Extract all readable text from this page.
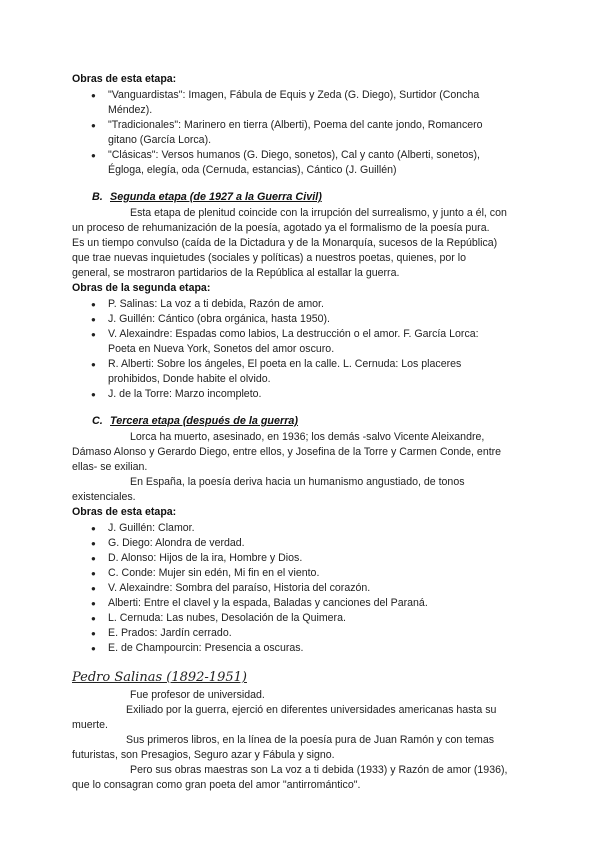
Obras de esta etapa:
● "Vanguardistas": Imagen, Fábula de Equis y Zeda (G. Diego), Surtidor (Concha
Méndez).
● "Tradicionales": Marinero en tierra (Alberti), Poema del cante jondo, Romancero
gitano (García Lorca).
● "Clásicas": Versos humanos (G. Diego, sonetos), Cal y canto (Alberti, sonetos),
Égloga, elegía, oda (Cernuda, estancias), Cántico (J. Guillén)
B. Segunda etapa (de 1927 a la Guerra Civil)
Esta etapa de plenitud coincide con la irrupción del surrealismo, y junto a él, con
un proceso de rehumanización de la poesía, agotado ya el formalismo de la poesía pura.
Es un tiempo convulso (caída de la Dictadura y de la Monarquía, sucesos de la República)
que trae nuevas inquietudes (sociales y políticas) a nuestros poetas, quienes, por lo
general, se mostraron partidarios de la República al estallar la guerra.
Obras de la segunda etapa:
● P. Salinas: La voz a ti debida, Razón de amor.
● J. Guillén: Cántico (obra orgánica, hasta 1950).
● V. Alexaindre: Espadas como labios, La destrucción o el amor. F. García Lorca:
Poeta en Nueva York, Sonetos del amor oscuro.
● R. Alberti: Sobre los ángeles, El poeta en la calle. L. Cernuda: Los placeres
prohibidos, Donde habite el olvido.
● J. de la Torre: Marzo incompleto.
C. Tercera etapa (después de la guerra)
Lorca ha muerto, asesinado, en 1936; los demás -salvo Vicente Aleixandre,
Dámaso Alonso y Gerardo Diego, entre ellos, y Josefina de la Torre y Carmen Conde, entre
ellas- se exilian.
En España, la poesía deriva hacia un humanismo angustiado, de tonos
existenciales.
Obras de esta etapa:
● J. Guillén: Clamor.
● G. Diego: Alondra de verdad.
● D. Alonso: Hijos de la ira, Hombre y Dios.
● C. Conde: Mujer sin edén, Mi fin en el viento.
● V. Alexaindre: Sombra del paraíso, Historia del corazón.
● Alberti: Entre el clavel y la espada, Baladas y canciones del Paraná.
● L. Cernuda: Las nubes, Desolación de la Quimera.
● E. Prados: Jardín cerrado.
● E. de Champourcin: Presencia a oscuras.
Pedro Salinas (1892-1951)
Fue profesor de universidad.
Exiliado por la guerra, ejerció en diferentes universidades americanas hasta su
muerte.
Sus primeros libros, en la línea de la poesía pura de Juan Ramón y con temas
futuristas, son Presagios, Seguro azar y Fábula y signo.
Pero sus obras maestras son La voz a ti debida (1933) y Razón de amor (1936),
que lo consagran como gran poeta del amor "antirromántico".
